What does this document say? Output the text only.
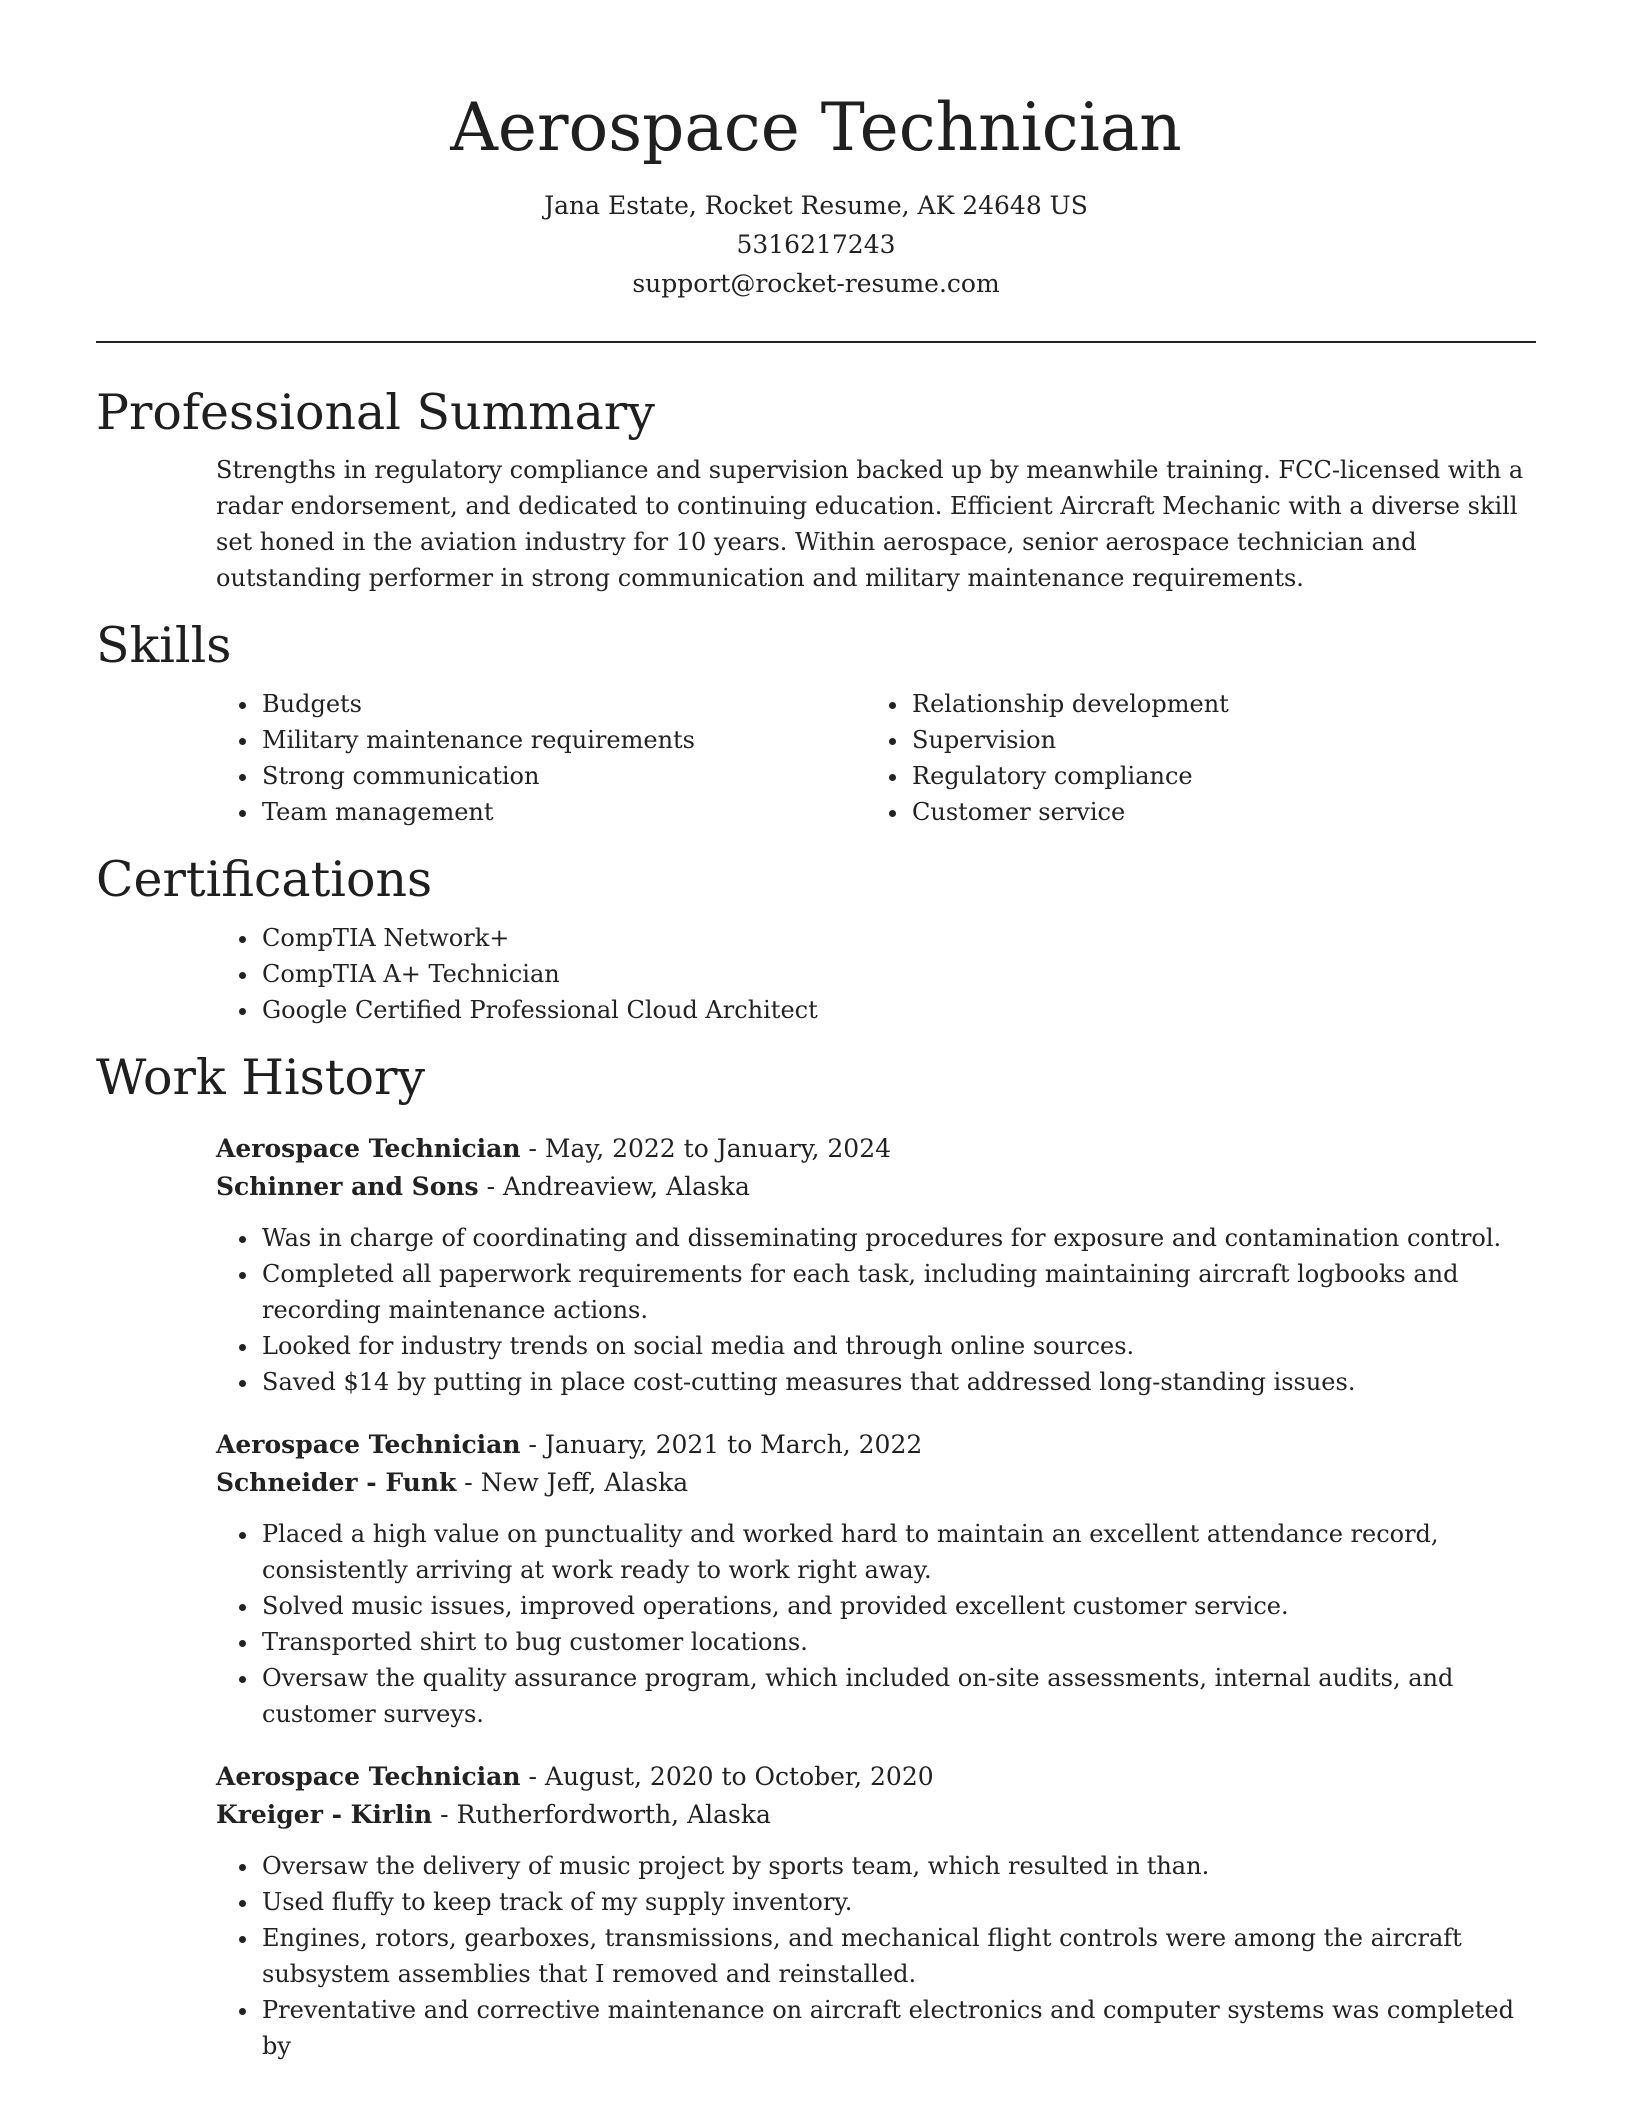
Aerospace Technician

Jana Estate, Rocket Resume, AK 24648 US

5316217243

support@rocket-resume.com

Professional Summary

Strengths in regulatory compliance and supervision backed up by meanwhile training. FCC-licensed with a radar endorsement, and dedicated to continuing education. Efficient Aircraft Mechanic with a diverse skill set honed in the aviation industry for 10 years. Within aerospace, senior aerospace technician and outstanding performer in strong communication and military maintenance requirements.

Skills
• Budgets
• Military maintenance requirements
• Strong communication
• Team management
• Relationship development
• Supervision
• Regulatory compliance
• Customer service
Certifications
• CompTIA Network+
• CompTIA A+ Technician
• Google Certified Professional Cloud Architect
Work History

Aerospace Technician - May, 2022 to January, 2024

Schinner and Sons - Andreaview, Alaska

• Was in charge of coordinating and disseminating procedures for exposure and contamination control.
• Completed all paperwork requirements for each task, including maintaining aircraft logbooks and recording maintenance actions.
• Looked for industry trends on social media and through online sources.
• Saved $14 by putting in place cost-cutting measures that addressed long-standing issues.

Aerospace Technician - January, 2021 to March, 2022

Schneider - Funk - New Jeff, Alaska

• Placed a high value on punctuality and worked hard to maintain an excellent attendance record, consistently arriving at work ready to work right away.
• Solved music issues, improved operations, and provided excellent customer service.
• Transported shirt to bug customer locations.
• Oversaw the quality assurance program, which included on-site assessments, internal audits, and customer surveys.

Aerospace Technician - August, 2020 to October, 2020

Kreiger - Kirlin - Rutherfordworth, Alaska

• Oversaw the delivery of music project by sports team, which resulted in than.
• Used fluffy to keep track of my supply inventory.
• Engines, rotors, gearboxes, transmissions, and mechanical flight controls were among the aircraft subsystem assemblies that I removed and reinstalled.
• Preventative and corrective maintenance on aircraft electronics and computer systems was completed by
